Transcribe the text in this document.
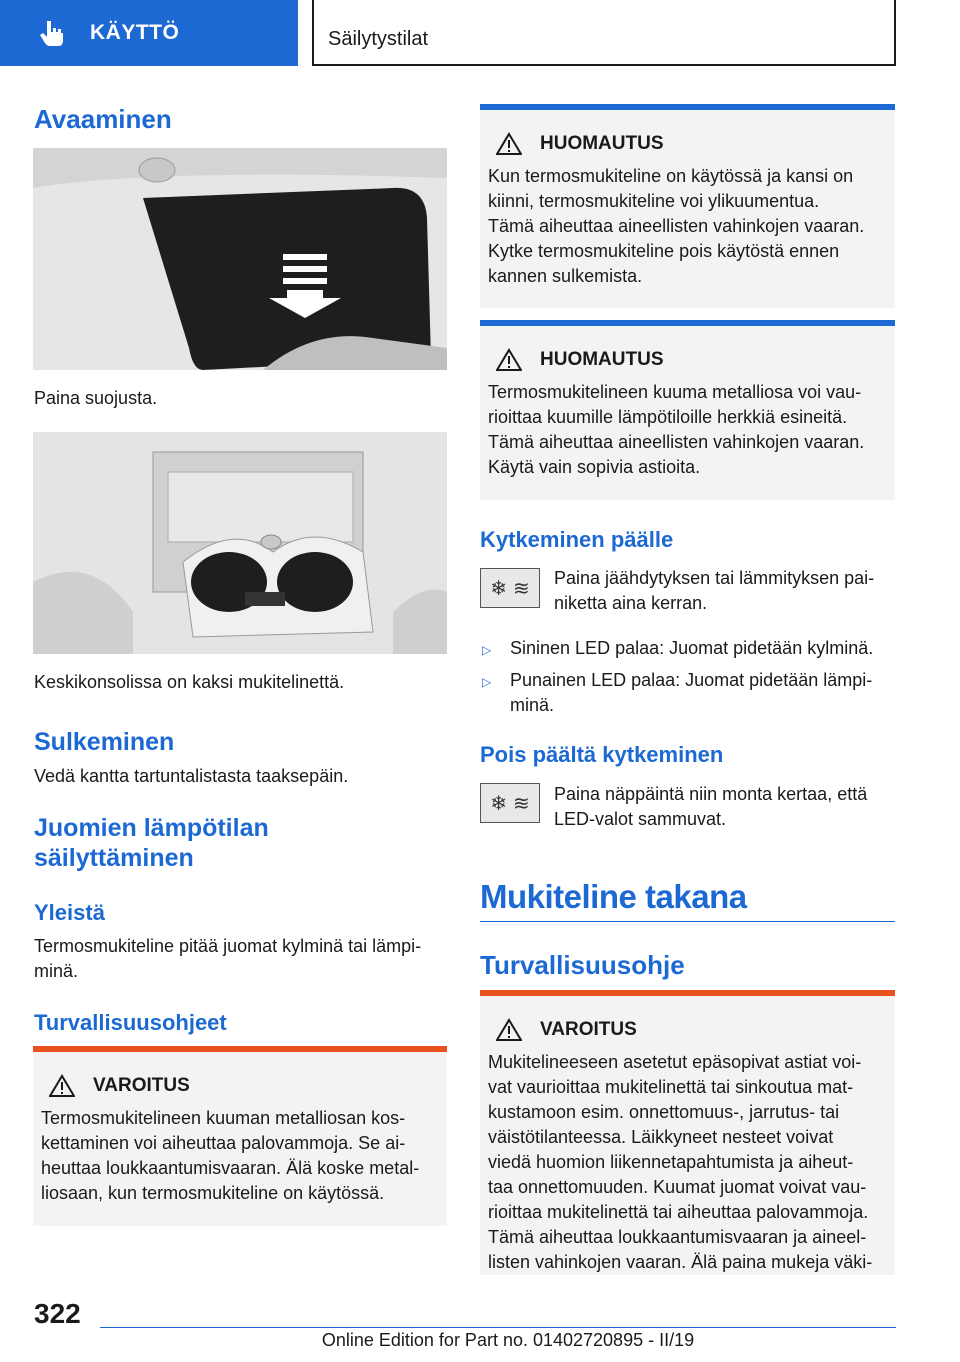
KÄYTTÖ	Säilytystilat
Avaaminen
Paina suojusta.
Keskikonsolissa on kaksi mukitelinettä.
Sulkeminen
Vedä kantta tartuntalistasta taaksepäin.
Juomien lämpötilan
säilyttäminen
Yleistä
Termosmukiteline pitää juomat kylminä tai lämpi-
minä.
Turvallisuusohjeet
VAROITUS
Termosmukitelineen kuuman metalliosan kos-
kettaminen voi aiheuttaa palovammoja. Se ai-
heuttaa loukkaantumisvaaran. Älä koske metal-
liosaan, kun termosmukiteline on käytössä.
HUOMAUTUS
Kun termosmukiteline on käytössä ja kansi on
kiinni, termosmukiteline voi ylikuumentua.
Tämä aiheuttaa aineellisten vahinkojen vaaran.
Kytke termosmukiteline pois käytöstä ennen
kannen sulkemista.
HUOMAUTUS
Termosmukitelineen kuuma metalliosa voi vau-
rioittaa kuumille lämpötiloille herkkiä esineitä.
Tämä aiheuttaa aineellisten vahinkojen vaaran.
Käytä vain sopivia astioita.
Kytkeminen päälle
❄ ≋ Paina jäähdytyksen tai lämmityksen pai-
niketta aina kerran.
▷	Sininen LED palaa: Juomat pidetään kylminä.
▷	Punainen LED palaa: Juomat pidetään lämpi-
minä.
Pois päältä kytkeminen
❄ ≋ Paina näppäintä niin monta kertaa, että
LED-valot sammuvat.
Mukiteline takana
Turvallisuusohje
VAROITUS
Mukitelineeseen asetetut epäsopivat astiat voi-
vat vaurioittaa mukitelinettä tai sinkoutua mat-
kustamoon esim. onnettomuus-, jarrutus- tai
väistötilanteessa. Läikkyneet nesteet voivat
viedä huomion liikennetapahtumista ja aiheut-
taa onnettomuuden. Kuumat juomat voivat vau-
rioittaa mukitelinettä tai aiheuttaa palovammoja.
Tämä aiheuttaa loukkaantumisvaaran ja aineel-
listen vahinkojen vaaran. Älä paina mukeja väki-
322
Online Edition for Part no. 01402720895 - II/19
